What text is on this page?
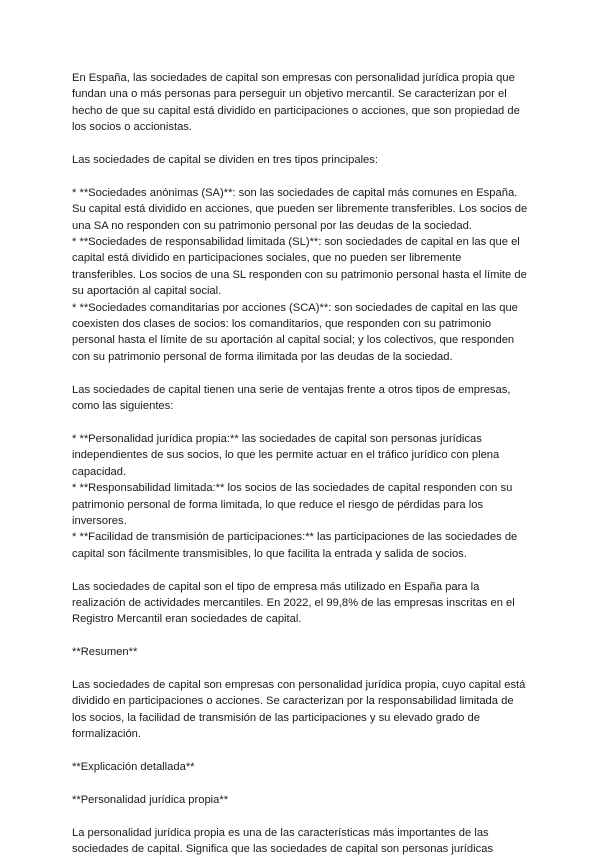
En España, las sociedades de capital son empresas con personalidad jurídica propia que fundan una o más personas para perseguir un objetivo mercantil. Se caracterizan por el hecho de que su capital está dividido en participaciones o acciones, que son propiedad de los socios o accionistas.

Las sociedades de capital se dividen en tres tipos principales:

* **Sociedades anónimas (SA)**: son las sociedades de capital más comunes en España. Su capital está dividido en acciones, que pueden ser libremente transferibles. Los socios de una SA no responden con su patrimonio personal por las deudas de la sociedad.

* **Sociedades de responsabilidad limitada (SL)**: son sociedades de capital en las que el capital está dividido en participaciones sociales, que no pueden ser libremente transferibles. Los socios de una SL responden con su patrimonio personal hasta el límite de su aportación al capital social.

* **Sociedades comanditarias por acciones (SCA)**: son sociedades de capital en las que coexisten dos clases de socios: los comanditarios, que responden con su patrimonio personal hasta el límite de su aportación al capital social; y los colectivos, que responden con su patrimonio personal de forma ilimitada por las deudas de la sociedad.

Las sociedades de capital tienen una serie de ventajas frente a otros tipos de empresas, como las siguientes:

* **Personalidad jurídica propia:** las sociedades de capital son personas jurídicas independientes de sus socios, lo que les permite actuar en el tráfico jurídico con plena capacidad.

* **Responsabilidad limitada:** los socios de las sociedades de capital responden con su patrimonio personal de forma limitada, lo que reduce el riesgo de pérdidas para los inversores.

* **Facilidad de transmisión de participaciones:** las participaciones de las sociedades de capital son fácilmente transmisibles, lo que facilita la entrada y salida de socios.

Las sociedades de capital son el tipo de empresa más utilizado en España para la realización de actividades mercantiles. En 2022, el 99,8% de las empresas inscritas en el Registro Mercantil eran sociedades de capital.

**Resumen**

Las sociedades de capital son empresas con personalidad jurídica propia, cuyo capital está dividido en participaciones o acciones. Se caracterizan por la responsabilidad limitada de los socios, la facilidad de transmisión de las participaciones y su elevado grado de formalización.

**Explicación detallada**

**Personalidad jurídica propia**

La personalidad jurídica propia es una de las características más importantes de las sociedades de capital. Significa que las sociedades de capital son personas jurídicas
